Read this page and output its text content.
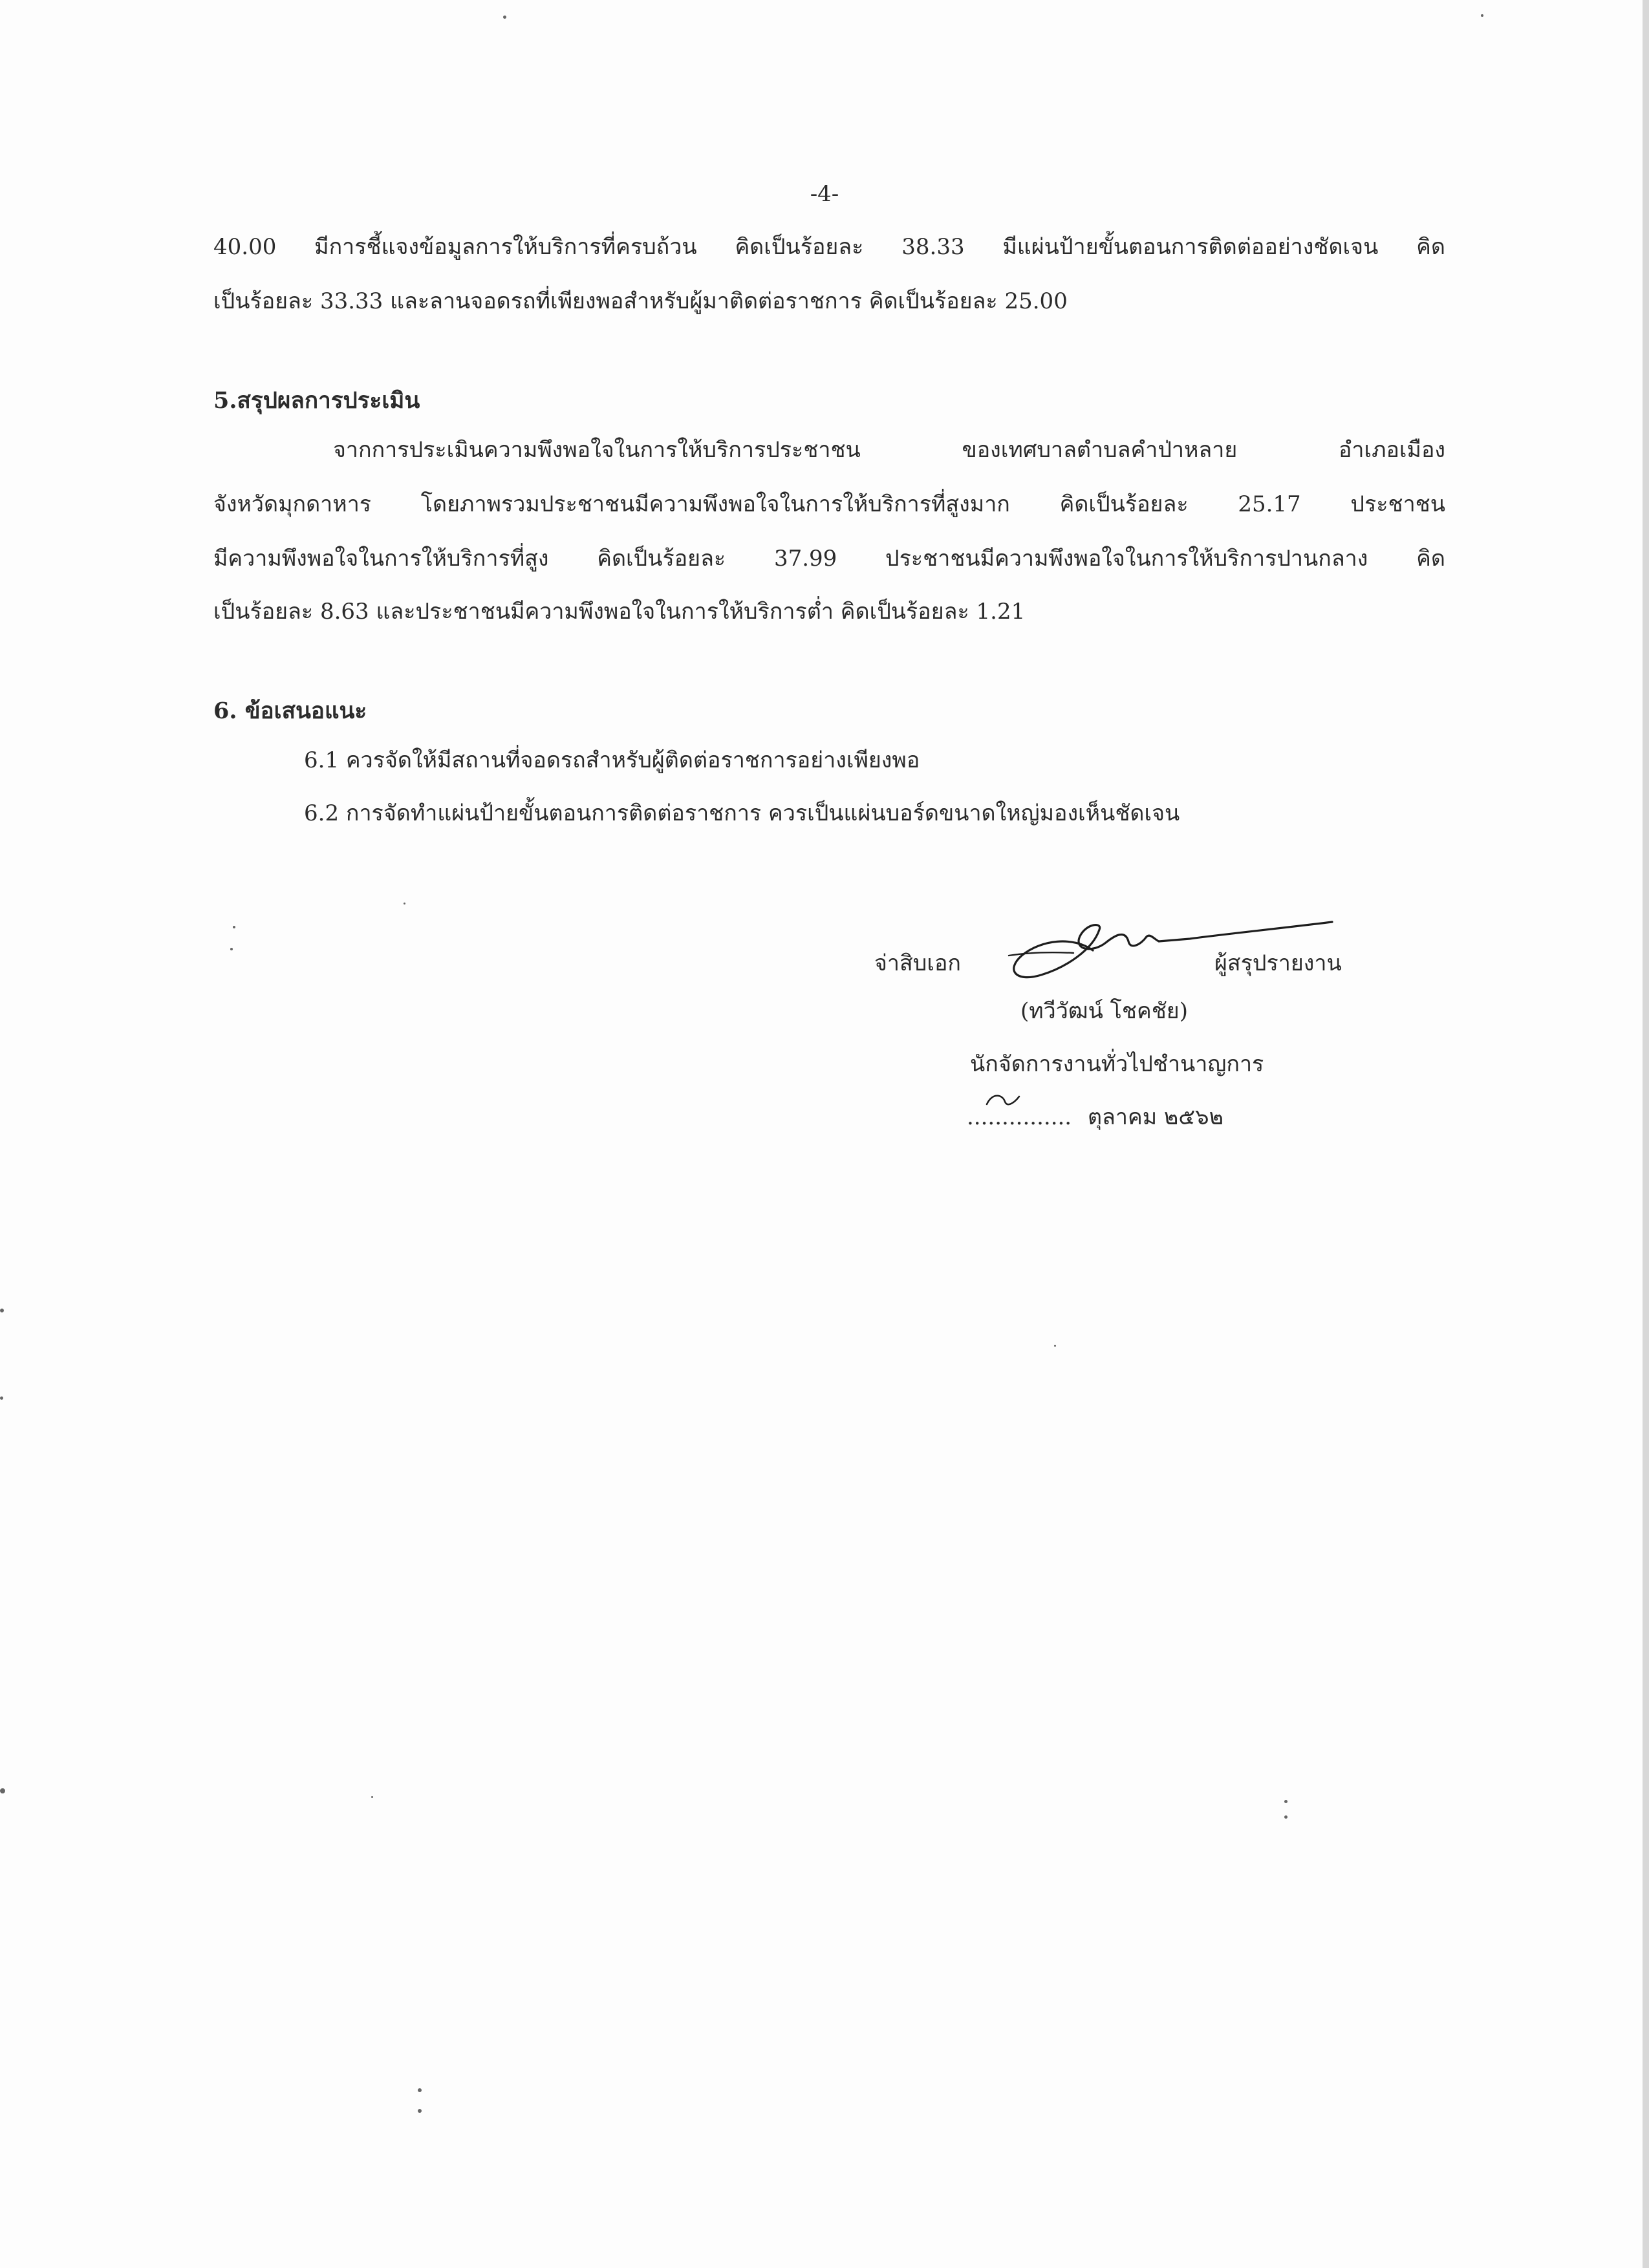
-4-
40.00 มีการชี้แจงข้อมูลการให้บริการที่ครบถ้วน คิดเป็นร้อยละ 38.33 มีแผ่นป้ายขั้นตอนการติดต่ออย่างชัดเจน คิด
เป็นร้อยละ 33.33 และลานจอดรถที่เพียงพอสำหรับผู้มาติดต่อราชการ คิดเป็นร้อยละ 25.00
5.สรุปผลการประเมิน
จากการประเมินความพึงพอใจในการให้บริการประชาชน	ของเทศบาลตำบลคำป่าหลาย	อำเภอเมือง
จังหวัดมุกดาหาร โดยภาพรวมประชาชนมีความพึงพอใจในการให้บริการที่สูงมาก คิดเป็นร้อยละ 25.17 ประชาชน
มีความพึงพอใจในการให้บริการที่สูง คิดเป็นร้อยละ 37.99 ประชาชนมีความพึงพอใจในการให้บริการปานกลาง คิด
เป็นร้อยละ 8.63 และประชาชนมีความพึงพอใจในการให้บริการต่ำ คิดเป็นร้อยละ 1.21
6. ข้อเสนอแนะ
6.1 ควรจัดให้มีสถานที่จอดรถสำหรับผู้ติดต่อราชการอย่างเพียงพอ
6.2 การจัดทำแผ่นป้ายขั้นตอนการติดต่อราชการ ควรเป็นแผ่นบอร์ดขนาดใหญ่มองเห็นชัดเจน
จ่าสิบเอก	ผู้สรุปรายงาน
(ทวีวัฒน์ โชคชัย)
นักจัดการงานทั่วไปชำนาญการ
............... ตุลาคม ๒๕๖๒
